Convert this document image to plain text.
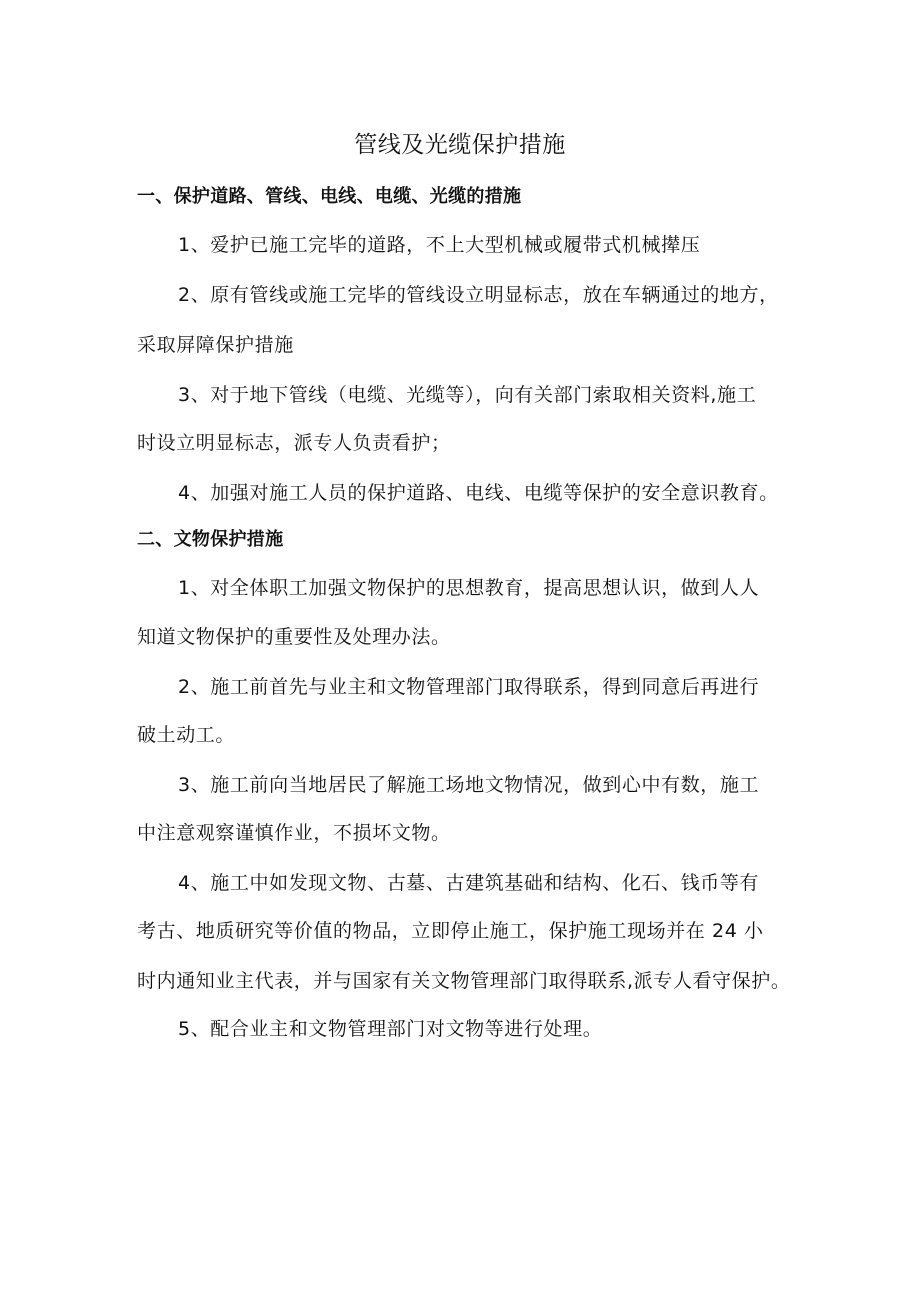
管线及光缆保护措施
一、保护道路、管线、电线、电缆、光缆的措施

1、爱护已施工完毕的道路，不上大型机械或履带式机械撵压

2、原有管线或施工完毕的管线设立明显标志，放在车辆通过的地方，

采取屏障保护措施

3、对于地下管线（电缆、光缆等），向有关部门索取相关资料,施工

时设立明显标志，派专人负责看护；

4、加强对施工人员的保护道路、电线、电缆等保护的安全意识教育。

二、文物保护措施

1、对全体职工加强文物保护的思想教育，提高思想认识，做到人人

知道文物保护的重要性及处理办法。

2、施工前首先与业主和文物管理部门取得联系，得到同意后再进行

破土动工。

3、施工前向当地居民了解施工场地文物情况，做到心中有数，施工

中注意观察谨慎作业，不损坏文物。

4、施工中如发现文物、古墓、古建筑基础和结构、化石、钱币等有

考古、地质研究等价值的物品，立即停止施工，保护施工现场并在 24 小

时内通知业主代表，并与国家有关文物管理部门取得联系,派专人看守保护。

5、配合业主和文物管理部门对文物等进行处理。
